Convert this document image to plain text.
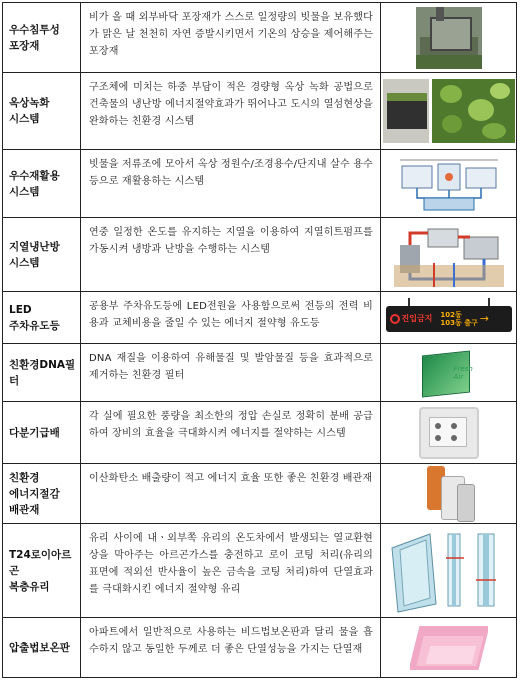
우수침투성
포장재
비가 올 때 외부바닥 포장재가 스스로 일정량의 빗물을 보유했다가 맑은 날 천천히 자연 증발시키면서 기온의 상승을 제어해주는 포장재
옥상녹화
시스템
구조체에 미치는 하중 부담이 적은 경량형 옥상 녹화 공법으로 건축물의 냉난방 에너지절약효과가 뛰어나고 도시의 열섬현상을 완화하는 친환경 시스템
우수재활용
시스템
빗물을 저류조에 모아서 옥상 정원수/조경용수/단지내 살수 용수 등으로 재활용하는 시스템
지열냉난방
시스템
연중 일정한 온도를 유지하는 지열을 이용하여 지열히트펌프를 가동시켜 냉방과 난방을 수행하는 시스템
LED
주차유도등
공용부 주차유도등에 LED전원을 사용함으로써 전등의 전력 비용과 교체비용을 줄일 수 있는 에너지 절약형 유도등	진입금지 102동
103동 출구 →
친환경DNA필터
DNA 재질을 이용하여 유해물질 및 발암물질 등을 효과적으로 제거하는 친환경 필터
Fresh Air
다분기급배
각 실에 필요한 풍량을 최소한의 정압 손실로 정확히 분배 공급하여 장비의 효율을 극대화시켜 에너지를 절약하는 시스템
친환경
에너지절감
배관재
이산화탄소 배출량이 적고 에너지 효율 또한 좋은 친환경 배관재
T24로이아르곤
복층유리
유리 사이에 내ㆍ외부쪽 유리의 온도차에서 발생되는 열교환현상을 막아주는 아르곤가스를 충전하고 로이 코팅 처리(유리의 표면에 적외선 반사율이 높은 금속을 코팅 처리)하여 단열효과를 극대화시킨 에너지 절약형 유리
압출법보온판
아파트에서 일반적으로 사용하는 비드법보온판과 달리 물을 흡수하지 않고 동일한 두께로 더 좋은 단열성능을 가지는 단열재
